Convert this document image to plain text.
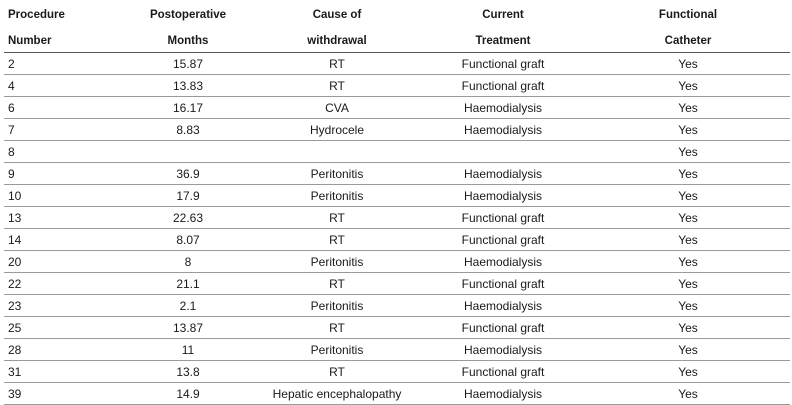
Procedure	Postoperative	Cause of	Current	Functional
Number	Months	withdrawal	Treatment	Catheter
2	15.87	RT	Functional graft	Yes
4	13.83	RT	Functional graft	Yes
6	16.17	CVA	Haemodialysis	Yes
7	8.83	Hydrocele	Haemodialysis	Yes
8				Yes
9	36.9	Peritonitis	Haemodialysis	Yes
10	17.9	Peritonitis	Haemodialysis	Yes
13	22.63	RT	Functional graft	Yes
14	8.07	RT	Functional graft	Yes
20	8	Peritonitis	Haemodialysis	Yes
22	21.1	RT	Functional graft	Yes
23	2.1	Peritonitis	Haemodialysis	Yes
25	13.87	RT	Functional graft	Yes
28	11	Peritonitis	Haemodialysis	Yes
31	13.8	RT	Functional graft	Yes
39	14.9	Hepatic encephalopathy	Haemodialysis	Yes
